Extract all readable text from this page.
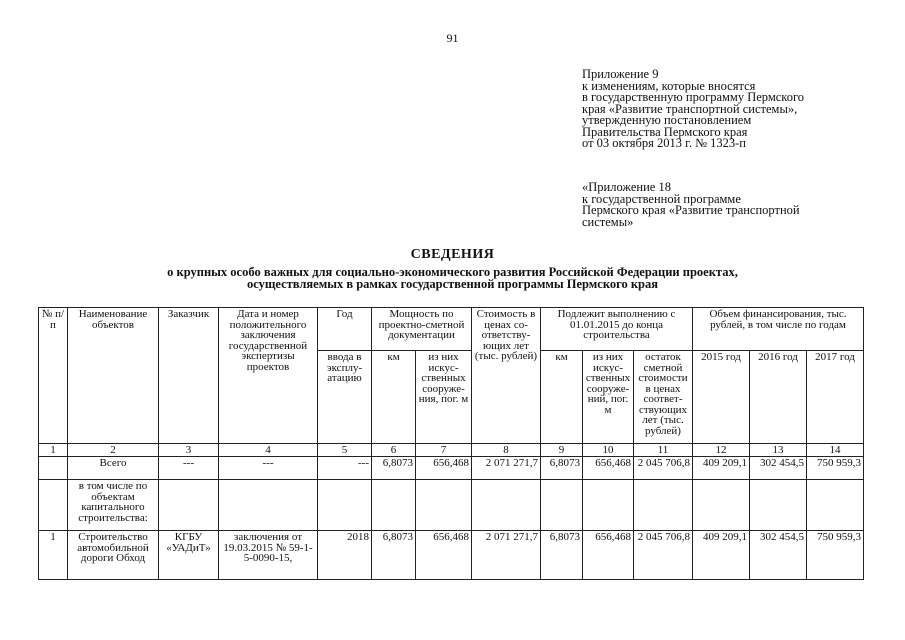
91
Приложение 9
к изменениям, которые вносятся
в государственную программу Пермского
края «Развитие транспортной системы»,
утвержденную постановлением
Правительства Пермского края
от 03 октября 2013 г. № 1323-п
«Приложение 18
к государственной программе
Пермского края «Развитие транспортной
системы»
СВЕДЕНИЯ
о крупных особо важных для социально-экономического развития Российской Федерации проектах,
осуществляемых в рамках государственной программы Пермского края
№ п/п	Наименование объектов	Заказчик	Дата и номер положительного заключения государственной экспертизы проектов	Год	Мощность по проектно-сметной документации		Стоимость в ценах со-ответству-ющих лет (тыс. рублей)	Подлежит выполнению с 01.01.2015 до конца строительства			Объем финансирования, тыс. рублей, в том числе по годам		
				ввода в эксплу-атацию	км	из них искус-ственных сооруже-ния, пог. м		км	из них искус-ственных сооруже-ний, пог. м	остаток сметной стоимости в ценах соответ-ствующих лет (тыс. рублей)	2015 год	2016 год	2017 год
1	2	3	4	5	6	7	8	9	10	11	12	13	14
	Всего	---	---	---	6,8073	656,468	2 071 271,7	6,8073	656,468	2 045 706,8	409 209,1	302 454,5	750 959,3
	в том числе по объектам капитального строительства:												
1	Строительство автомобильной дороги Обход	КГБУ «УАДиТ»	заключения от 19.03.2015 № 59-1-5-0090-15,	2018	6,8073	656,468	2 071 271,7	6,8073	656,468	2 045 706,8	409 209,1	302 454,5	750 959,3
